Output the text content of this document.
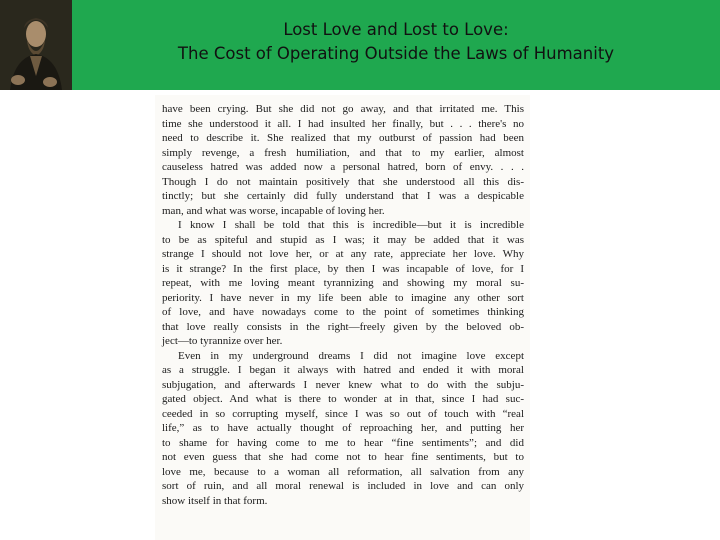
Lost Love and Lost to Love:
The Cost of Operating Outside the Laws of Humanity
have been crying. But she did not go away, and that irritated me. This
time she understood it all. I had insulted her finally, but . . . there's no
need to describe it. She realized that my outburst of passion had been
simply revenge, a fresh humiliation, and that to my earlier, almost
causeless hatred was added now a personal hatred, born of envy. . . .
Though I do not maintain positively that she understood all this dis-
tinctly; but she certainly did fully understand that I was a despicable
man, and what was worse, incapable of loving her.
I know I shall be told that this is incredible—but it is incredible
to be as spiteful and stupid as I was; it may be added that it was
strange I should not love her, or at any rate, appreciate her love. Why
is it strange? In the first place, by then I was incapable of love, for I
repeat, with me loving meant tyrannizing and showing my moral su-
periority. I have never in my life been able to imagine any other sort
of love, and have nowadays come to the point of sometimes thinking
that love really consists in the right—freely given by the beloved ob-
ject—to tyrannize over her.
Even in my underground dreams I did not imagine love except
as a struggle. I began it always with hatred and ended it with moral
subjugation, and afterwards I never knew what to do with the subju-
gated object. And what is there to wonder at in that, since I had suc-
ceeded in so corrupting myself, since I was so out of touch with “real
life,” as to have actually thought of reproaching her, and putting her
to shame for having come to me to hear “fine sentiments”; and did
not even guess that she had come not to hear fine sentiments, but to
love me, because to a woman all reformation, all salvation from any
sort of ruin, and all moral renewal is included in love and can only
show itself in that form.
